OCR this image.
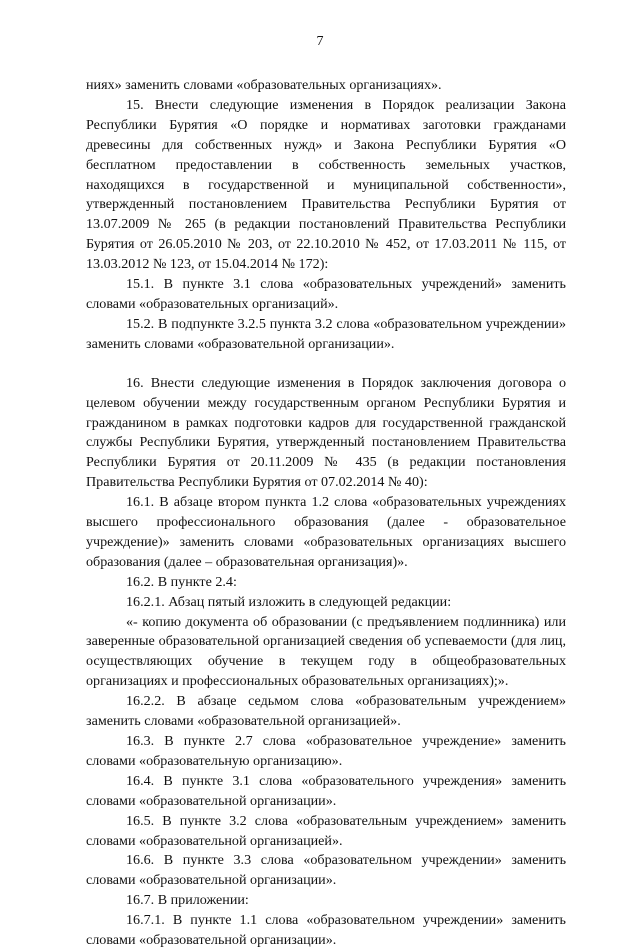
7

ниях» заменить словами «образовательных организациях».

15. Внести следующие изменения в Порядок реализации Закона Республики Бурятия «О порядке и нормативах заготовки гражданами древесины для собственных нужд» и Закона Республики Бурятия «О бесплатном предоставлении в собственность земельных участков, находящихся в государственной и муниципальной собственности», утвержденный постановлением Правительства Республики Бурятия от 13.07.2009 № 265 (в редакции постановлений Правительства Республики Бурятия от 26.05.2010 № 203, от 22.10.2010 № 452, от 17.03.2011 № 115, от 13.03.2012 № 123, от 15.04.2014 № 172):

15.1. В пункте 3.1 слова «образовательных учреждений» заменить словами «образовательных организаций».

15.2. В подпункте 3.2.5 пункта 3.2 слова «образовательном учреждении» заменить словами «образовательной организации».

16. Внести следующие изменения в Порядок заключения договора о целевом обучении между государственным органом Республики Бурятия и гражданином в рамках подготовки кадров для государственной гражданской службы Республики Бурятия, утвержденный постановлением Правительства Республики Бурятия от 20.11.2009 № 435 (в редакции постановления Правительства Республики Бурятия от 07.02.2014 № 40):

16.1. В абзаце втором пункта 1.2 слова «образовательных учреждениях высшего профессионального образования (далее - образовательное учреждение)» заменить словами «образовательных организациях высшего образования (далее – образовательная организация)».

16.2. В пункте 2.4:

16.2.1. Абзац пятый изложить в следующей редакции:

«- копию документа об образовании (с предъявлением подлинника) или заверенные образовательной организацией сведения об успеваемости (для лиц, осуществляющих обучение в текущем году в общеобразовательных организациях и профессиональных образовательных организациях);».

16.2.2. В абзаце седьмом слова «образовательным учреждением» заменить словами «образовательной организацией».

16.3. В пункте 2.7 слова «образовательное учреждение» заменить словами «образовательную организацию».

16.4. В пункте 3.1 слова «образовательного учреждения» заменить словами «образовательной организации».

16.5. В пункте 3.2 слова «образовательным учреждением» заменить словами «образовательной организацией».

16.6. В пункте 3.3 слова «образовательном учреждении» заменить словами «образовательной организации».

16.7. В приложении:

16.7.1. В пункте 1.1 слова «образовательном учреждении» заменить словами «образовательной организации».
